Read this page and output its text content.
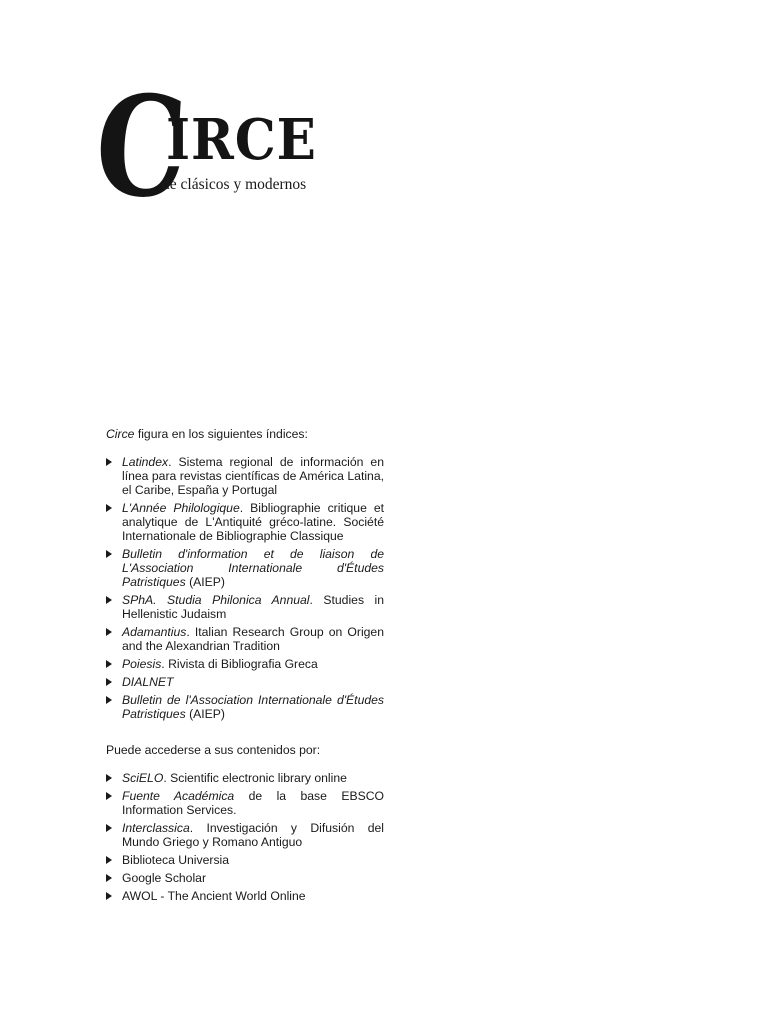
C
IRCE
de clásicos y modernos

Circe figura en los siguientes índices:

Latindex. Sistema regional de información en línea para revistas científicas de América Latina, el Caribe, España y Portugal
L'Année Philologique. Bibliographie critique et analytique de L'Antiquité gréco-latine. Société Internationale de Bibliographie Classique
Bulletin d'information et de liaison de L'Association Internationale d'Études Patristiques (AIEP)
SPhA. Studia Philonica Annual. Studies in Hellenistic Judaism
Adamantius. Italian Research Group on Origen and the Alexandrian Tradition
Poiesis. Rivista di Bibliografia Greca
DIALNET
Bulletin de l'Association Internationale d'Études Patristiques (AIEP)

Puede accederse a sus contenidos por:

SciELO. Scientific electronic library online
Fuente Académica de la base EBSCO Information Services.
Interclassica. Investigación y Difusión del Mundo Griego y Romano Antiguo
Biblioteca Universia
Google Scholar
AWOL - The Ancient World Online
